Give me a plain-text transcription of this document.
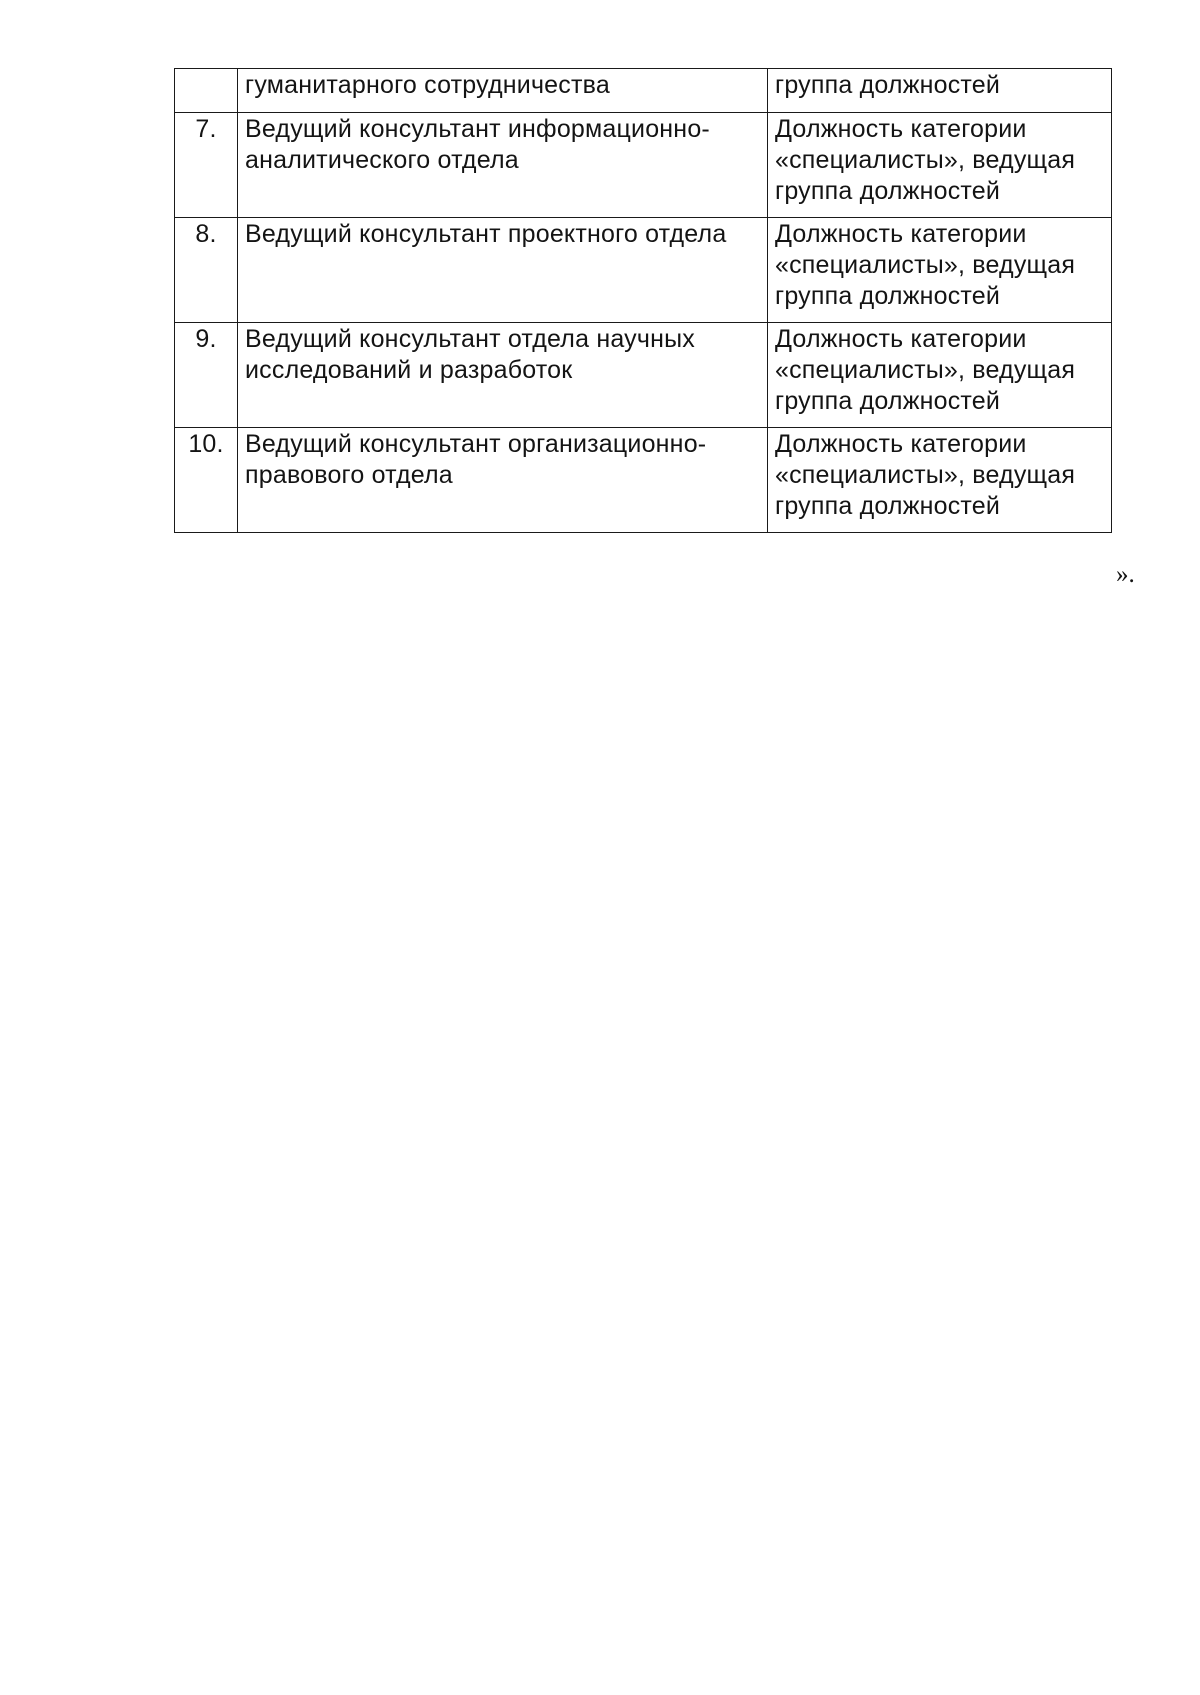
	гуманитарного сотрудничества	группа должностей
7.	Ведущий консультант информационно-аналитического отдела	Должность категории «специалисты», ведущая группа должностей
8.	Ведущий консультант проектного отдела	Должность категории «специалисты», ведущая группа должностей
9.	Ведущий консультант отдела научных исследований и разработок	Должность категории «специалисты», ведущая группа должностей
10.	Ведущий консультант организационно-правового отдела	Должность категории «специалисты», ведущая группа должностей
».
